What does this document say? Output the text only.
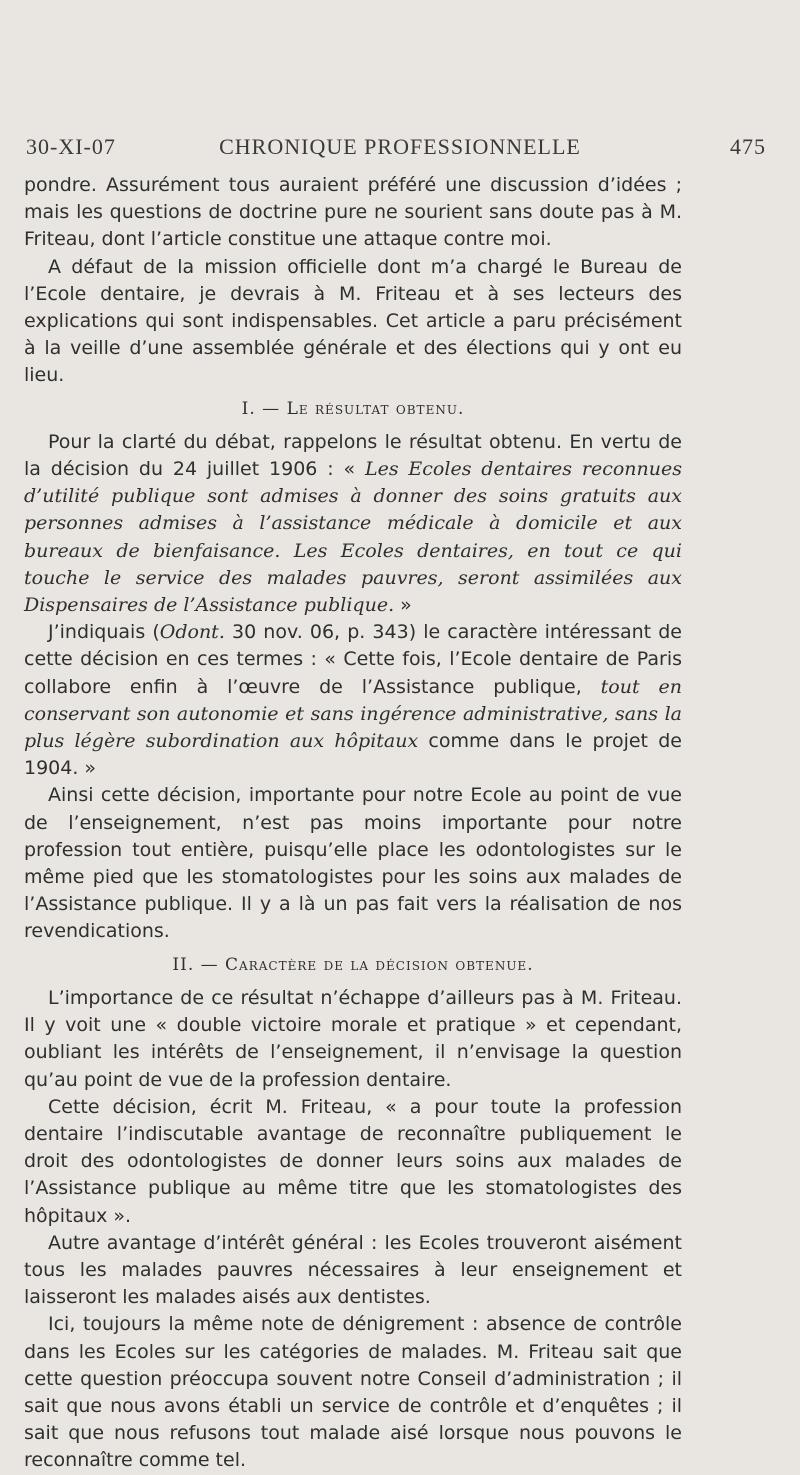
30-XI-07	CHRONIQUE PROFESSIONNELLE	475

pondre. Assurément tous auraient préféré une discussion d’idées ; mais les questions de doctrine pure ne sourient sans doute pas à M. Friteau, dont l’article constitue une attaque contre moi.

A défaut de la mission officielle dont m’a chargé le Bureau de l’Ecole dentaire, je devrais à M. Friteau et à ses lecteurs des explications qui sont indispensables. Cet article a paru précisément à la veille d’une assemblée générale et des élections qui y ont eu lieu.

I. — Le résultat obtenu.

Pour la clarté du débat, rappelons le résultat obtenu. En vertu de la décision du 24 juillet 1906 : « Les Ecoles dentaires reconnues d’utilité publique sont admises à donner des soins gratuits aux personnes admises à l’assistance médicale à domicile et aux bureaux de bienfaisance. Les Ecoles dentaires, en tout ce qui touche le service des malades pauvres, seront assimilées aux Dispensaires de l’Assistance publique. »

J’indiquais (Odont. 30 nov. 06, p. 343) le caractère intéressant de cette décision en ces termes : « Cette fois, l’Ecole dentaire de Paris collabore enfin à l’œuvre de l’Assistance publique, tout en conservant son autonomie et sans ingérence administrative, sans la plus légère subordination aux hôpitaux comme dans le projet de 1904. »

Ainsi cette décision, importante pour notre Ecole au point de vue de l’enseignement, n’est pas moins importante pour notre profession tout entière, puisqu’elle place les odontologistes sur le même pied que les stomatologistes pour les soins aux malades de l’Assistance publique. Il y a là un pas fait vers la réalisation de nos revendications.

II. — Caractère de la décision obtenue.

L’importance de ce résultat n’échappe d’ailleurs pas à M. Friteau. Il y voit une « double victoire morale et pratique » et cependant, oubliant les intérêts de l’enseignement, il n’envisage la question qu’au point de vue de la profession dentaire.

Cette décision, écrit M. Friteau, « a pour toute la profession dentaire l’indiscutable avantage de reconnaître publiquement le droit des odontologistes de donner leurs soins aux malades de l’Assistance publique au même titre que les stomatologistes des hôpitaux ».

Autre avantage d’intérêt général : les Ecoles trouveront aisément tous les malades pauvres nécessaires à leur enseignement et laisseront les malades aisés aux dentistes.

Ici, toujours la même note de dénigrement : absence de contrôle dans les Ecoles sur les catégories de malades. M. Friteau sait que cette question préoccupa souvent notre Conseil d’administration ; il sait que nous avons établi un service de contrôle et d’enquêtes ; il sait que nous refusons tout malade aisé lorsque nous pouvons le reconnaître comme tel.
